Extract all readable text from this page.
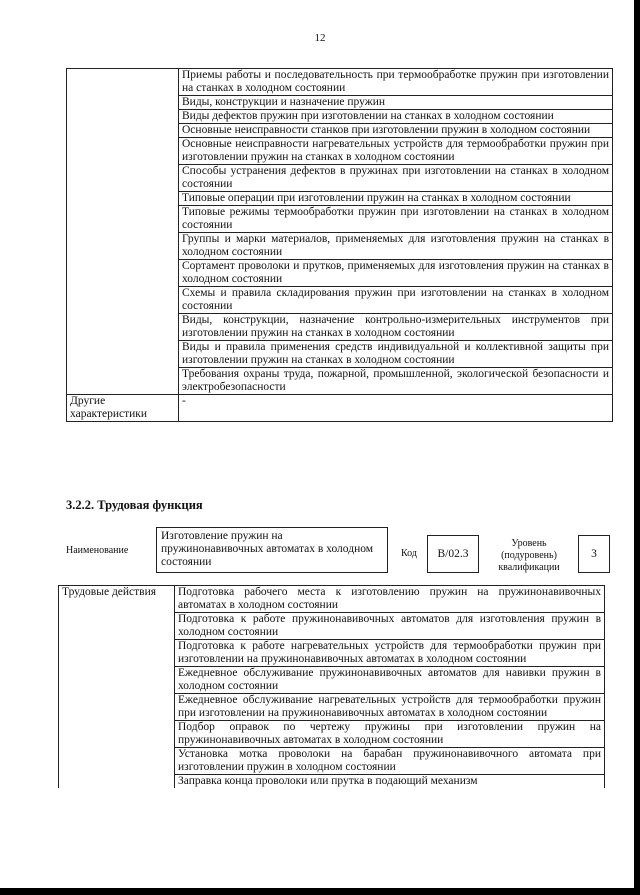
12
	Приемы работы и последовательность при термообработке пружин при изготовлении на станках в холодном состоянии
	Виды, конструкции и назначение пружин
	Виды дефектов пружин при изготовлении на станках в холодном состоянии
	Основные неисправности станков при изготовлении пружин в холодном состоянии
	Основные неисправности нагревательных устройств для термообработки пружин при изготовлении пружин на станках в холодном состоянии
	Способы устранения дефектов в пружинах при изготовлении на станках в холодном состоянии
	Типовые операции при изготовлении пружин на станках в холодном состоянии
	Типовые режимы термообработки пружин при изготовлении на станках в холодном состоянии
	Группы и марки материалов, применяемых для изготовления пружин на станках в холодном состоянии
	Сортамент проволоки и прутков, применяемых для изготовления пружин на станках в холодном состоянии
	Схемы и правила складирования пружин при изготовлении на станках в холодном состоянии
	Виды, конструкции, назначение контрольно-измерительных инструментов при изготовлении пружин на станках в холодном состоянии
	Виды и правила применения средств индивидуальной и коллективной защиты при изготовлении пружин на станках в холодном состоянии
	Требования охраны труда, пожарной, промышленной, экологической безопасности и электробезопасности
Другие характеристики	-
3.2.2. Трудовая функция
Наименование
Изготовление пружин на пружинонавивочных автоматах в холодном состоянии
Код	B/02.3
Уровень (подуровень) квалификации
3
Трудовые действия	Подготовка рабочего места к изготовлению пружин на пружинонавивочных автоматах в холодном состоянии
Подготовка к работе пружинонавивочных автоматов для изготовления пружин в холодном состоянии
Подготовка к работе нагревательных устройств для термообработки пружин при изготовлении на пружинонавивочных автоматах в холодном состоянии
Ежедневное обслуживание пружинонавивочных автоматов для навивки пружин в холодном состоянии
Ежедневное обслуживание нагревательных устройств для термообработки пружин при изготовлении на пружинонавивочных автоматах в холодном состоянии
Подбор оправок по чертежу пружины при изготовлении пружин на пружинонавивочных автоматах в холодном состоянии
Установка мотка проволоки на барабан пружинонавивочного автомата при изготовлении пружин в холодном состоянии
Заправка конца проволоки или прутка в подающий механизм
